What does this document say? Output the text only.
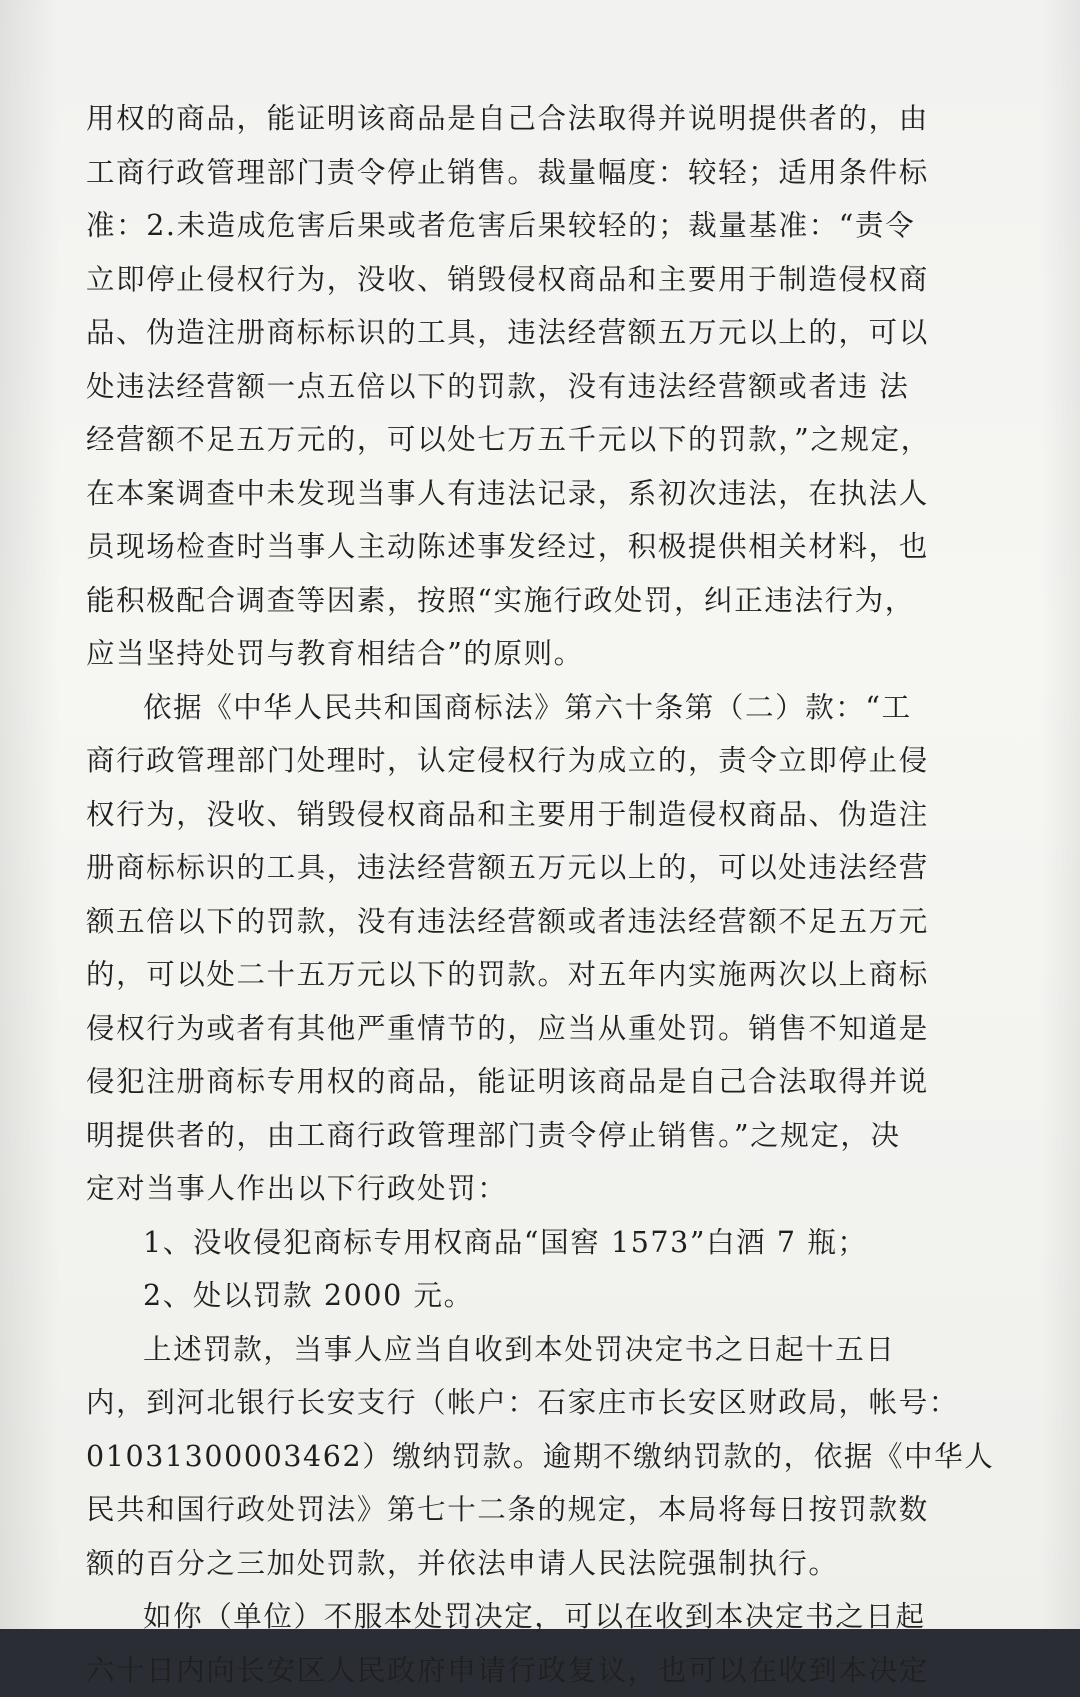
用权的商品，能证明该商品是自己合法取得并说明提供者的，由
工商行政管理部门责令停止销售。裁量幅度：较轻；适用条件标
准：2.未造成危害后果或者危害后果较轻的；裁量基准：“责令
立即停止侵权行为，没收、销毁侵权商品和主要用于制造侵权商
品、伪造注册商标标识的工具，违法经营额五万元以上的，可以
处违法经营额一点五倍以下的罚款，没有违法经营额或者违 法
经营额不足五万元的，可以处七万五千元以下的罚款，”之规定，
在本案调查中未发现当事人有违法记录，系初次违法，在执法人
员现场检查时当事人主动陈述事发经过，积极提供相关材料，也
能积极配合调查等因素，按照“实施行政处罚，纠正违法行为，
应当坚持处罚与教育相结合”的原则。
依据《中华人民共和国商标法》第六十条第（二）款：“工
商行政管理部门处理时，认定侵权行为成立的，责令立即停止侵
权行为，没收、销毁侵权商品和主要用于制造侵权商品、伪造注
册商标标识的工具，违法经营额五万元以上的，可以处违法经营
额五倍以下的罚款，没有违法经营额或者违法经营额不足五万元
的，可以处二十五万元以下的罚款。对五年内实施两次以上商标
侵权行为或者有其他严重情节的，应当从重处罚。销售不知道是
侵犯注册商标专用权的商品，能证明该商品是自己合法取得并说
明提供者的，由工商行政管理部门责令停止销售。”之规定，决
定对当事人作出以下行政处罚：
1、没收侵犯商标专用权商品“国窖 1573”白酒 7 瓶；
2、处以罚款 2000 元。
上述罚款，当事人应当自收到本处罚决定书之日起十五日
内，到河北银行长安支行（帐户：石家庄市长安区财政局，帐号：
01031300003462）缴纳罚款。逾期不缴纳罚款的，依据《中华人
民共和国行政处罚法》第七十二条的规定，本局将每日按罚款数
额的百分之三加处罚款，并依法申请人民法院强制执行。
如你（单位）不服本处罚决定，可以在收到本决定书之日起
六十日内向长安区人民政府申请行政复议，也可以在收到本决定
